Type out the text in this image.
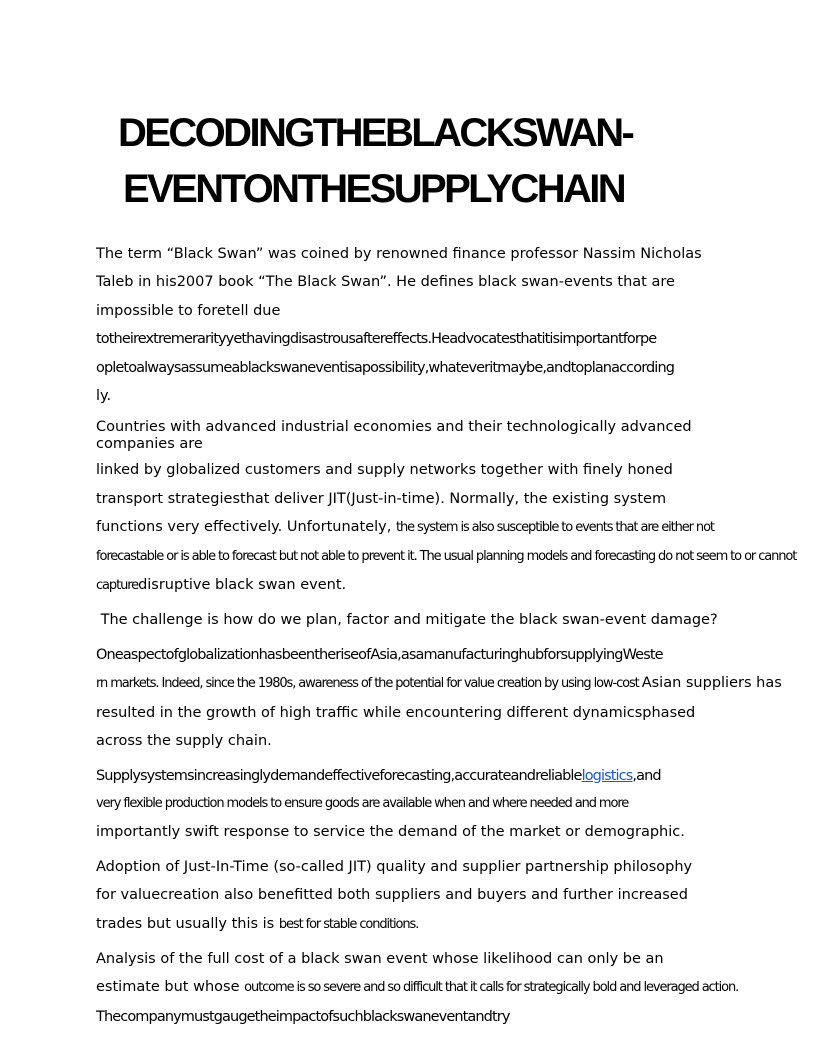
DECODINGTHEBLACKSWAN-
EVENTONTHESUPPLYCHAIN
The term “Black Swan” was coined by renowned finance professor Nassim Nicholas
Taleb in his2007 book “The Black Swan”. He defines black swan-events that are
impossible to foretell due
totheirextremerarityyethavingdisastrousaftereffects.Headvocatesthatitisimportantforpe
opletoalwaysassumeablackswaneventisapossibility,whateveritmaybe,andtoplanaccording
ly.
Countries with advanced industrial economies and their technologically advanced companies are
linked by globalized customers and supply networks together with finely honed
transport strategiesthat deliver JIT(Just-in-time). Normally, the existing system
functions very effectively. Unfortunately, the system is also susceptible to events that are either not
forecastable or is able to forecast but not able to prevent it. The usual planning models and forecasting do not seem to or cannot
capturedisruptive black swan event.
The challenge is how do we plan, factor and mitigate the black swan-event damage?
OneaspectofglobalizationhasbeentheriseofAsia,asamanufacturinghubforsupplyingWeste
rn markets. Indeed, since the 1980s, awareness of the potential for value creation by using low-cost Asian suppliers has
resulted in the growth of high traffic while encountering different dynamicsphased
across the supply chain.
Supplysystemsincreasinglydemandeffectiveforecasting,accurateandreliablelogistics,and
very flexible production models to ensure goods are available when and where needed and more
importantly swift response to service the demand of the market or demographic.
Adoption of Just-In-Time (so-called JIT) quality and supplier partnership philosophy
for valuecreation also benefitted both suppliers and buyers and further increased
trades but usually this is best for stable conditions.
Analysis of the full cost of a black swan event whose likelihood can only be an
estimate but whose outcome is so severe and so difficult that it calls for strategically bold and leveraged action.
Thecompanymustgaugetheimpactofsuchblackswaneventandtry
